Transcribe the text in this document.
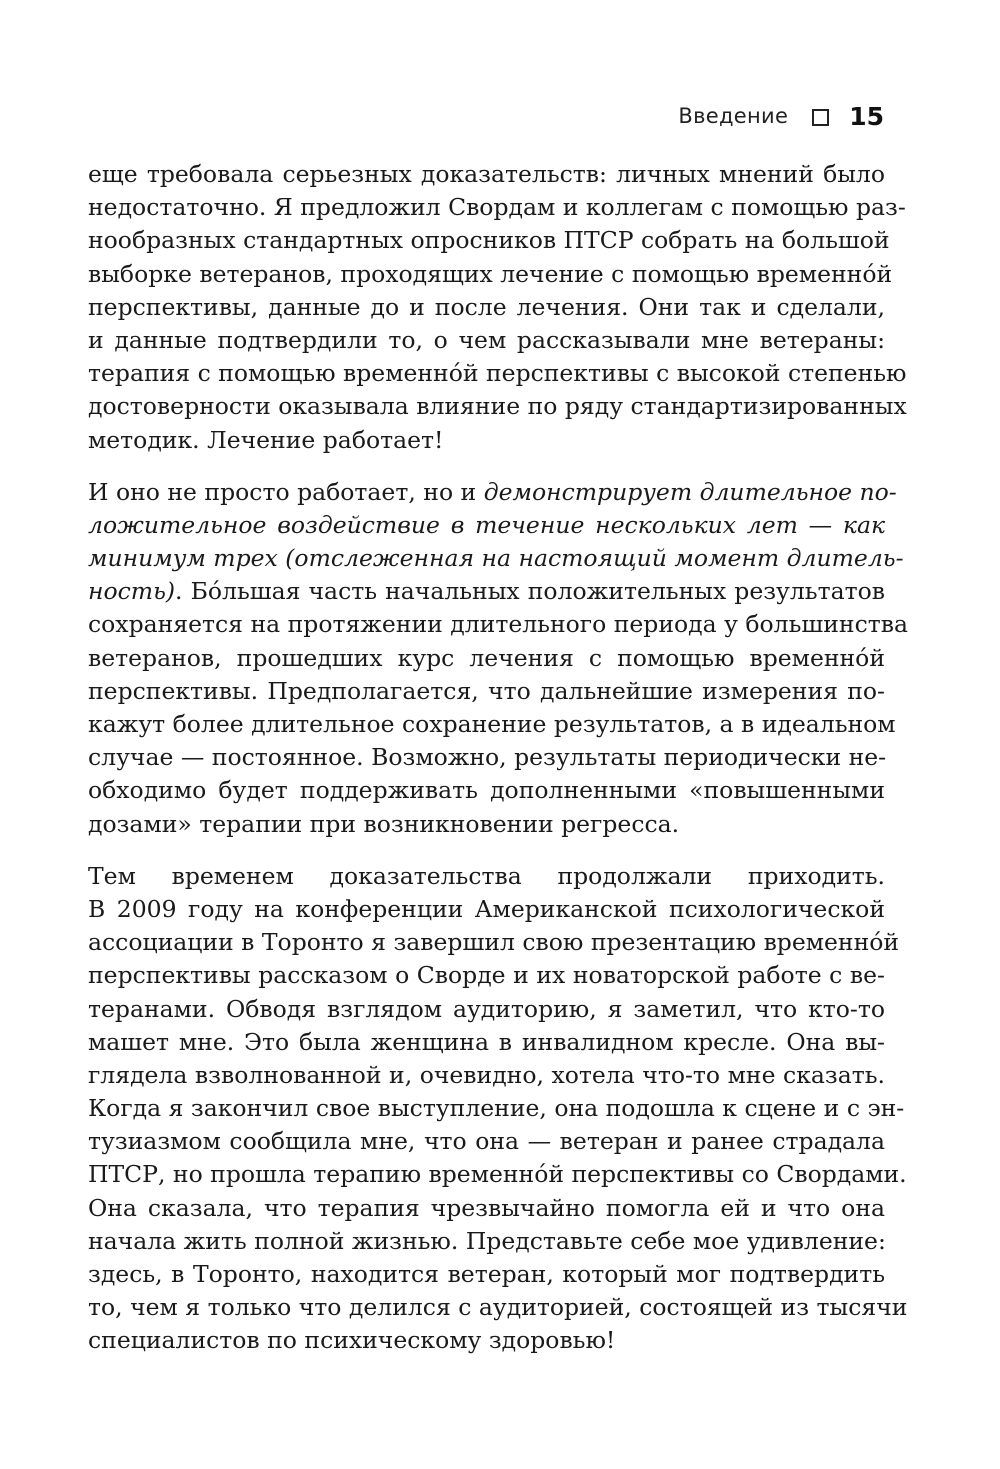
Введение 15
еще требовала серьезных доказательств: личных мнений было
недостаточно. Я предложил Свордам и коллегам с помощью раз-
нообразных стандартных опросников ПТСР собрать на большой
выборке ветеранов, проходящих лечение с помощью временнóй
перспективы, данные до и после лечения. Они так и сделали,
и данные подтвердили то, о чем рассказывали мне ветераны:
терапия с помощью временнóй перспективы с высокой степенью
достоверности оказывала влияние по ряду стандартизированных
методик. Лечение работает!
И оно не просто работает, но и демонстрирует длительное по-
ложительное воздействие в течение нескольких лет — как
минимум трех (отслеженная на настоящий момент длитель-
ность). Бóльшая часть начальных положительных результатов
сохраняется на протяжении длительного периода у большинства
ветеранов, прошедших курс лечения с помощью временнóй
перспективы. Предполагается, что дальнейшие измерения по-
кажут более длительное сохранение результатов, а в идеальном
случае — постоянное. Возможно, результаты периодически не-
обходимо будет поддерживать дополненными «повышенными
дозами» терапии при возникновении регресса.
Тем временем доказательства продолжали приходить.
В 2009 году на конференции Американской психологической
ассоциации в Торонто я завершил свою презентацию временнóй
перспективы рассказом о Сворде и их новаторской работе с ве-
теранами. Обводя взглядом аудиторию, я заметил, что кто-то
машет мне. Это была женщина в инвалидном кресле. Она вы-
глядела взволнованной и, очевидно, хотела что-то мне сказать.
Когда я закончил свое выступление, она подошла к сцене и с эн-
тузиазмом сообщила мне, что она — ветеран и ранее страдала
ПТСР, но прошла терапию временнóй перспективы со Свордами.
Она сказала, что терапия чрезвычайно помогла ей и что она
начала жить полной жизнью. Представьте себе мое удивление:
здесь, в Торонто, находится ветеран, который мог подтвердить
то, чем я только что делился с аудиторией, состоящей из тысячи
специалистов по психическому здоровью!
